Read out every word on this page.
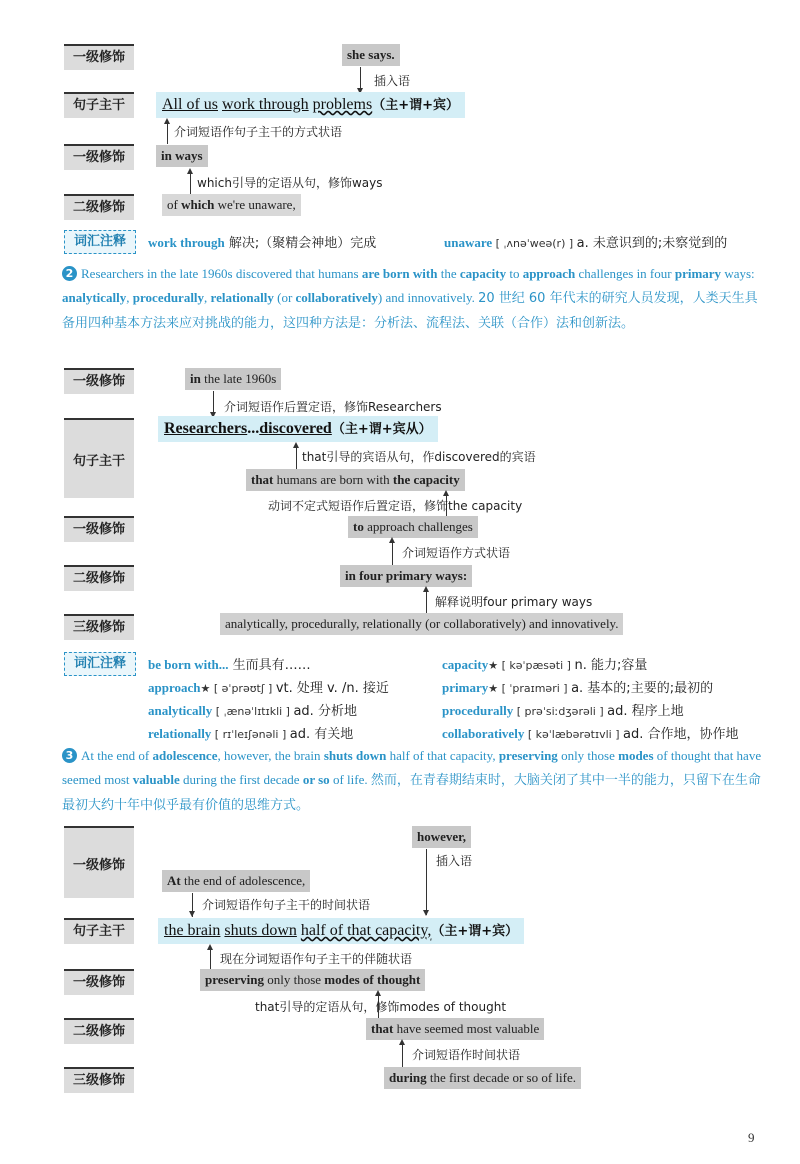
一级修饰
句子主干
一级修饰
二级修饰
she says.
插入语
All of us work through problems（主+谓+宾）
介词短语作句子主干的方式状语
in ways
which引导的定语从句，修饰ways
of which we're unaware,
词汇注释	work through 解决;（聚精会神地）完成	unaware [ ˌʌnəˈweə(r) ] a. 未意识到的;未察觉到的
2 Researchers in the late 1960s discovered that humans are born with the capacity to approach challenges in four primary ways: analytically, procedurally, relationally (or collaboratively) and innovatively. 20 世纪 60 年代末的研究人员发现，人类天生具备用四种基本方法来应对挑战的能力，这四种方法是：分析法、流程法、关联（合作）法和创新法。
一级修饰
句子主干
一级修饰
二级修饰
三级修饰
in the late 1960s
介词短语作后置定语，修饰Researchers
Researchers...discovered（主+谓+宾从）
that引导的宾语从句，作discovered的宾语
that humans are born with the capacity
动词不定式短语作后置定语，修饰the capacity
to approach challenges
介词短语作方式状语
in four primary ways:
解释说明four primary ways
analytically, procedurally, relationally (or collaboratively) and innovatively.
词汇注释	be born with... 生而具有……	capacity★ [ kəˈpæsəti ] n. 能力;容量
approach★ [ əˈprəʊtʃ ] vt. 处理 v. /n. 接近	primary★ [ ˈpraɪməri ] a. 基本的;主要的;最初的
analytically [ ˌænəˈlɪtɪkli ] ad. 分析地	procedurally [ prəˈsiːdʒərəli ] ad. 程序上地
relationally [ rɪˈleɪʃənəli ] ad. 有关地	collaboratively [ kəˈlæbərətɪvli ] ad. 合作地，协作地
3 At the end of adolescence, however, the brain shuts down half of that capacity, preserving only those modes of thought that have seemed most valuable during the first decade or so of life. 然而，在青春期结束时，大脑关闭了其中一半的能力，只留下在生命最初大约十年中似乎最有价值的思维方式。
一级修饰
句子主干
一级修饰
二级修饰
三级修饰
however,
插入语
At the end of adolescence,
介词短语作句子主干的时间状语
the brain shuts down half of that capacity,（主+谓+宾）
现在分词短语作句子主干的伴随状语
preserving only those modes of thought
that引导的定语从句，修饰modes of thought
that have seemed most valuable
介词短语作时间状语
during the first decade or so of life.
9
